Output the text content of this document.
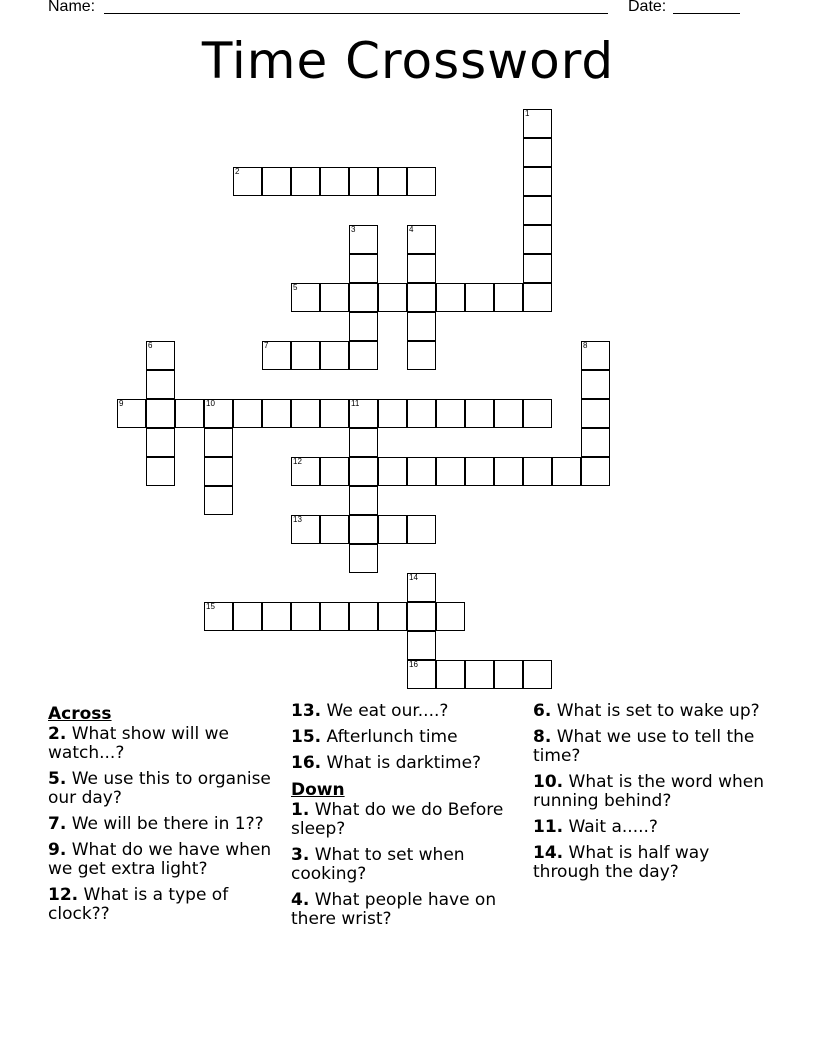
Name:	Date:
Time Crossword
1
2
3	4
5
6	7	8
9	10	11
12
13
14
16
15
Across
2. What show will we watch...?
5. We use this to organise our day?
7. We will be there in 1??
9. What do we have when we get extra light?
12. What is a type of clock??
13. We eat our....?
15. Afterlunch time
16. What is darktime?
Down
1. What do we do Before sleep?
3. What to set when cooking?
4. What people have on there wrist?
6. What is set to wake up?
8. What we use to tell the time?
10. What is the word when running behind?
11. Wait a.....?
14. What is half way through the day?
